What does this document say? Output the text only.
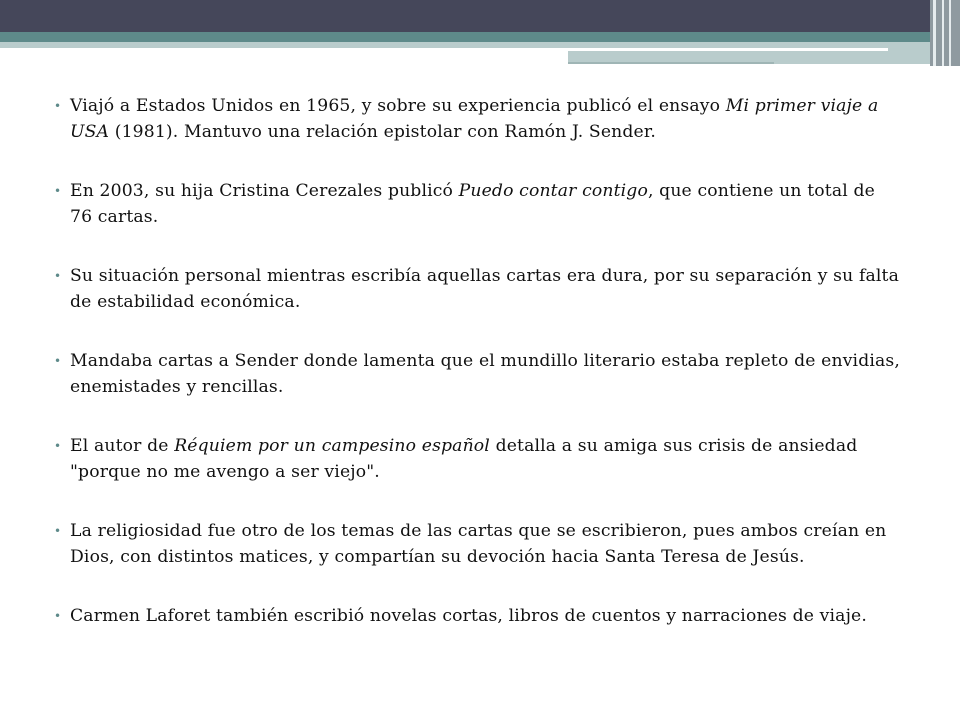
• Viajó a Estados Unidos en 1965, y sobre su experiencia publicó el ensayo Mi primer viaje a USA (1981). Mantuvo una relación epistolar con Ramón J. Sender.
• En 2003, su hija Cristina Cerezales publicó Puedo contar contigo, que contiene un total de 76 cartas.
• Su situación personal mientras escribía aquellas cartas era dura, por su separación y su falta de estabilidad económica.
• Mandaba cartas a Sender donde lamenta que el mundillo literario estaba repleto de envidias, enemistades y rencillas.
• El autor de Réquiem por un campesino español detalla a su amiga sus crisis de ansiedad "porque no me avengo a ser viejo".
• La religiosidad fue otro de los temas de las cartas que se escribieron, pues ambos creían en Dios, con distintos matices, y compartían su devoción hacia Santa Teresa de Jesús.
• Carmen Laforet también escribió novelas cortas, libros de cuentos y narraciones de viaje.
